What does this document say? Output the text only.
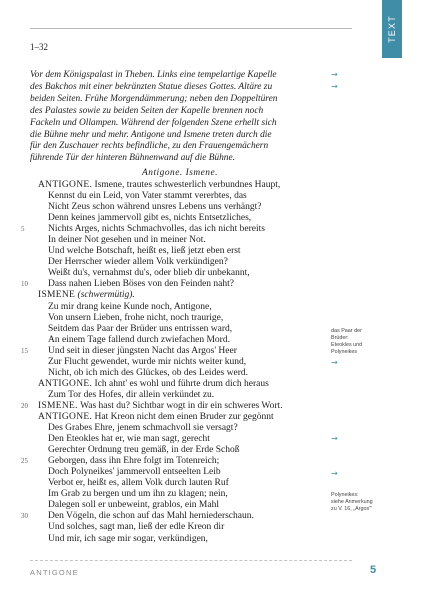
TEXT
1–32
Vor dem Königspalast in Theben. Links eine tempelartige Kapelle
des Bakchos mit einer bekränzten Statue dieses Gottes. Altäre zu
beiden Seiten. Frühe Morgendämmerung; neben den Doppeltüren
des Palastes sowie zu beiden Seiten der Kapelle brennen noch
Fackeln und Öllampen. Während der folgenden Szene erhellt sich
die Bühne mehr und mehr. Antigone und Ismene treten durch die
für den Zuschauer rechts befindliche, zu den Frauengemächern
führende Tür der hinteren Bühnenwand auf die Bühne.
Antigone. Ismene.
ANTIGONE. Ismene, trautes schwesterlich verbundnes Haupt,
Kennst du ein Leid, von Vater stammt vererbtes, das
Nicht Zeus schon während unsres Lebens uns verhängt?
Denn keines jammervoll gibt es, nichts Entsetzliches,
5 Nichts Arges, nichts Schmachvolles, das ich nicht bereits
In deiner Not gesehen und in meiner Not.
Und welche Botschaft, heißt es, ließ jetzt eben erst
Der Herrscher wieder allem Volk verkündigen?
Weißt du's, vernahmst du's, oder blieb dir unbekannt,
10 Dass nahen Lieben Böses von den Feinden naht?
ISMENE (schwermütig).
Zu mir drang keine Kunde noch, Antigone,
Von unsern Lieben, frohe nicht, noch traurige,
Seitdem das Paar der Brüder uns entrissen ward,
An einem Tage fallend durch zwiefachen Mord.
15 Und seit in dieser jüngsten Nacht das Argos' Heer
Zur Flucht gewendet, wurde mir nichts weiter kund,
Nicht, ob ich mich des Glückes, ob des Leides werd.
ANTIGONE. Ich ahnt' es wohl und führte drum dich heraus
Zum Tor des Hofes, dir allein verkündet zu.
20 ISMENE. Was hast du? Sichtbar wogt in dir ein schweres Wort.
ANTIGONE. Hat Kreon nicht dem einen Bruder zur gegönnt
Des Grabes Ehre, jenem schmachvoll sie versagt?
Den Eteokles hat er, wie man sagt, gerecht
Gerechter Ordnung treu gemäß, in der Erde Schoß
25 Geborgen, dass ihn Ehre folgt im Totenreich;
Doch Polyneikes' jammervoll entseelten Leib
Verbot er, heißt es, allem Volk durch lauten Ruf
Im Grab zu bergen und um ihn zu klagen; nein,
Dalegen soll er unbeweint, grablos, ein Mahl
30 Den Vögeln, die schon auf das Mahl herniederschaun.
Und solches, sagt man, ließ der edle Kreon dir
Und mir, ich sage mir sogar, verkündigen,
→
→
→
→
→
das Paar der
Brüder:
Eteokles und
Polyneikes
Polyneikes:
siehe Anmerkung
zu V. 16, „Argos'"
ANTIGONE	5
